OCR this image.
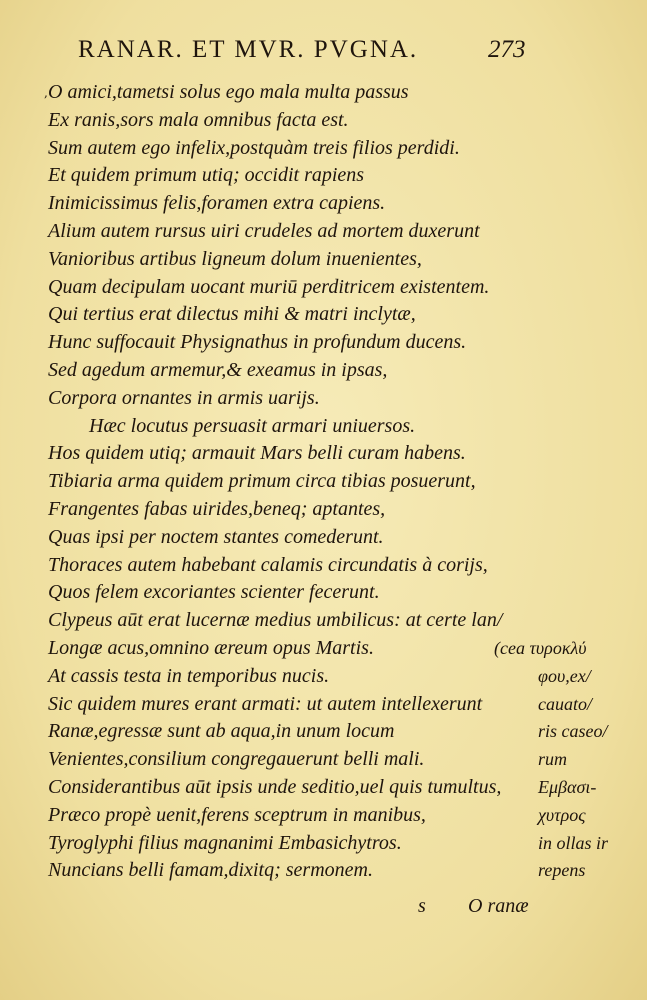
RANAR. ET MVR. PVGNA.	273
, O amici,tametsi solus ego mala multa passus
Ex ranis,sors mala omnibus facta est.
Sum autem ego infelix,postquàm treis filios perdidi.
Et quidem primum utiq; occidit rapiens
Inimicissimus felis,foramen extra capiens.
Alium autem rursus uiri crudeles ad mortem duxerunt
Vanioribus artibus ligneum dolum inuenientes,
Quam decipulam uocant muriū perditricem existentem.
Qui tertius erat dilectus mihi & matri inclytæ,
Hunc suffocauit Physignathus in profundum ducens.
Sed agedum armemur,& exeamus in ipsas,
Corpora ornantes in armis uarijs.
Hæc locutus persuasit armari uniuersos.
Hos quidem utiq; armauit Mars belli curam habens.
Tibiaria arma quidem primum circa tibias posuerunt,
Frangentes fabas uirides,beneq; aptantes,
Quas ipsi per noctem stantes comederunt.
Thoraces autem habebant calamis circundatis à corijs,
Quos felem excoriantes scienter fecerunt.
Clypeus aūt erat lucernæ medius umbilicus: at certe lan/
Longæ acus,omnino æreum opus Martis.	(cea τυροκλύ
At cassis testa in temporibus nucis.	φου,ex/
Sic quidem mures erant armati: ut autem intellexerunt	cauato/
Ranæ,egressæ sunt ab aqua,in unum locum	ris caseo/
Venientes,consilium congregauerunt belli mali.	rum
Considerantibus aūt ipsis unde seditio,uel quis tumultus, Εμβασι-
Præco propè uenit,ferens sceptrum in manibus,	χυτρος
Tyroglyphi filius magnanimi Embasichytros.	in ollas ir
Nuncians belli famam,dixitq; sermonem.	repens
s O ranæ
